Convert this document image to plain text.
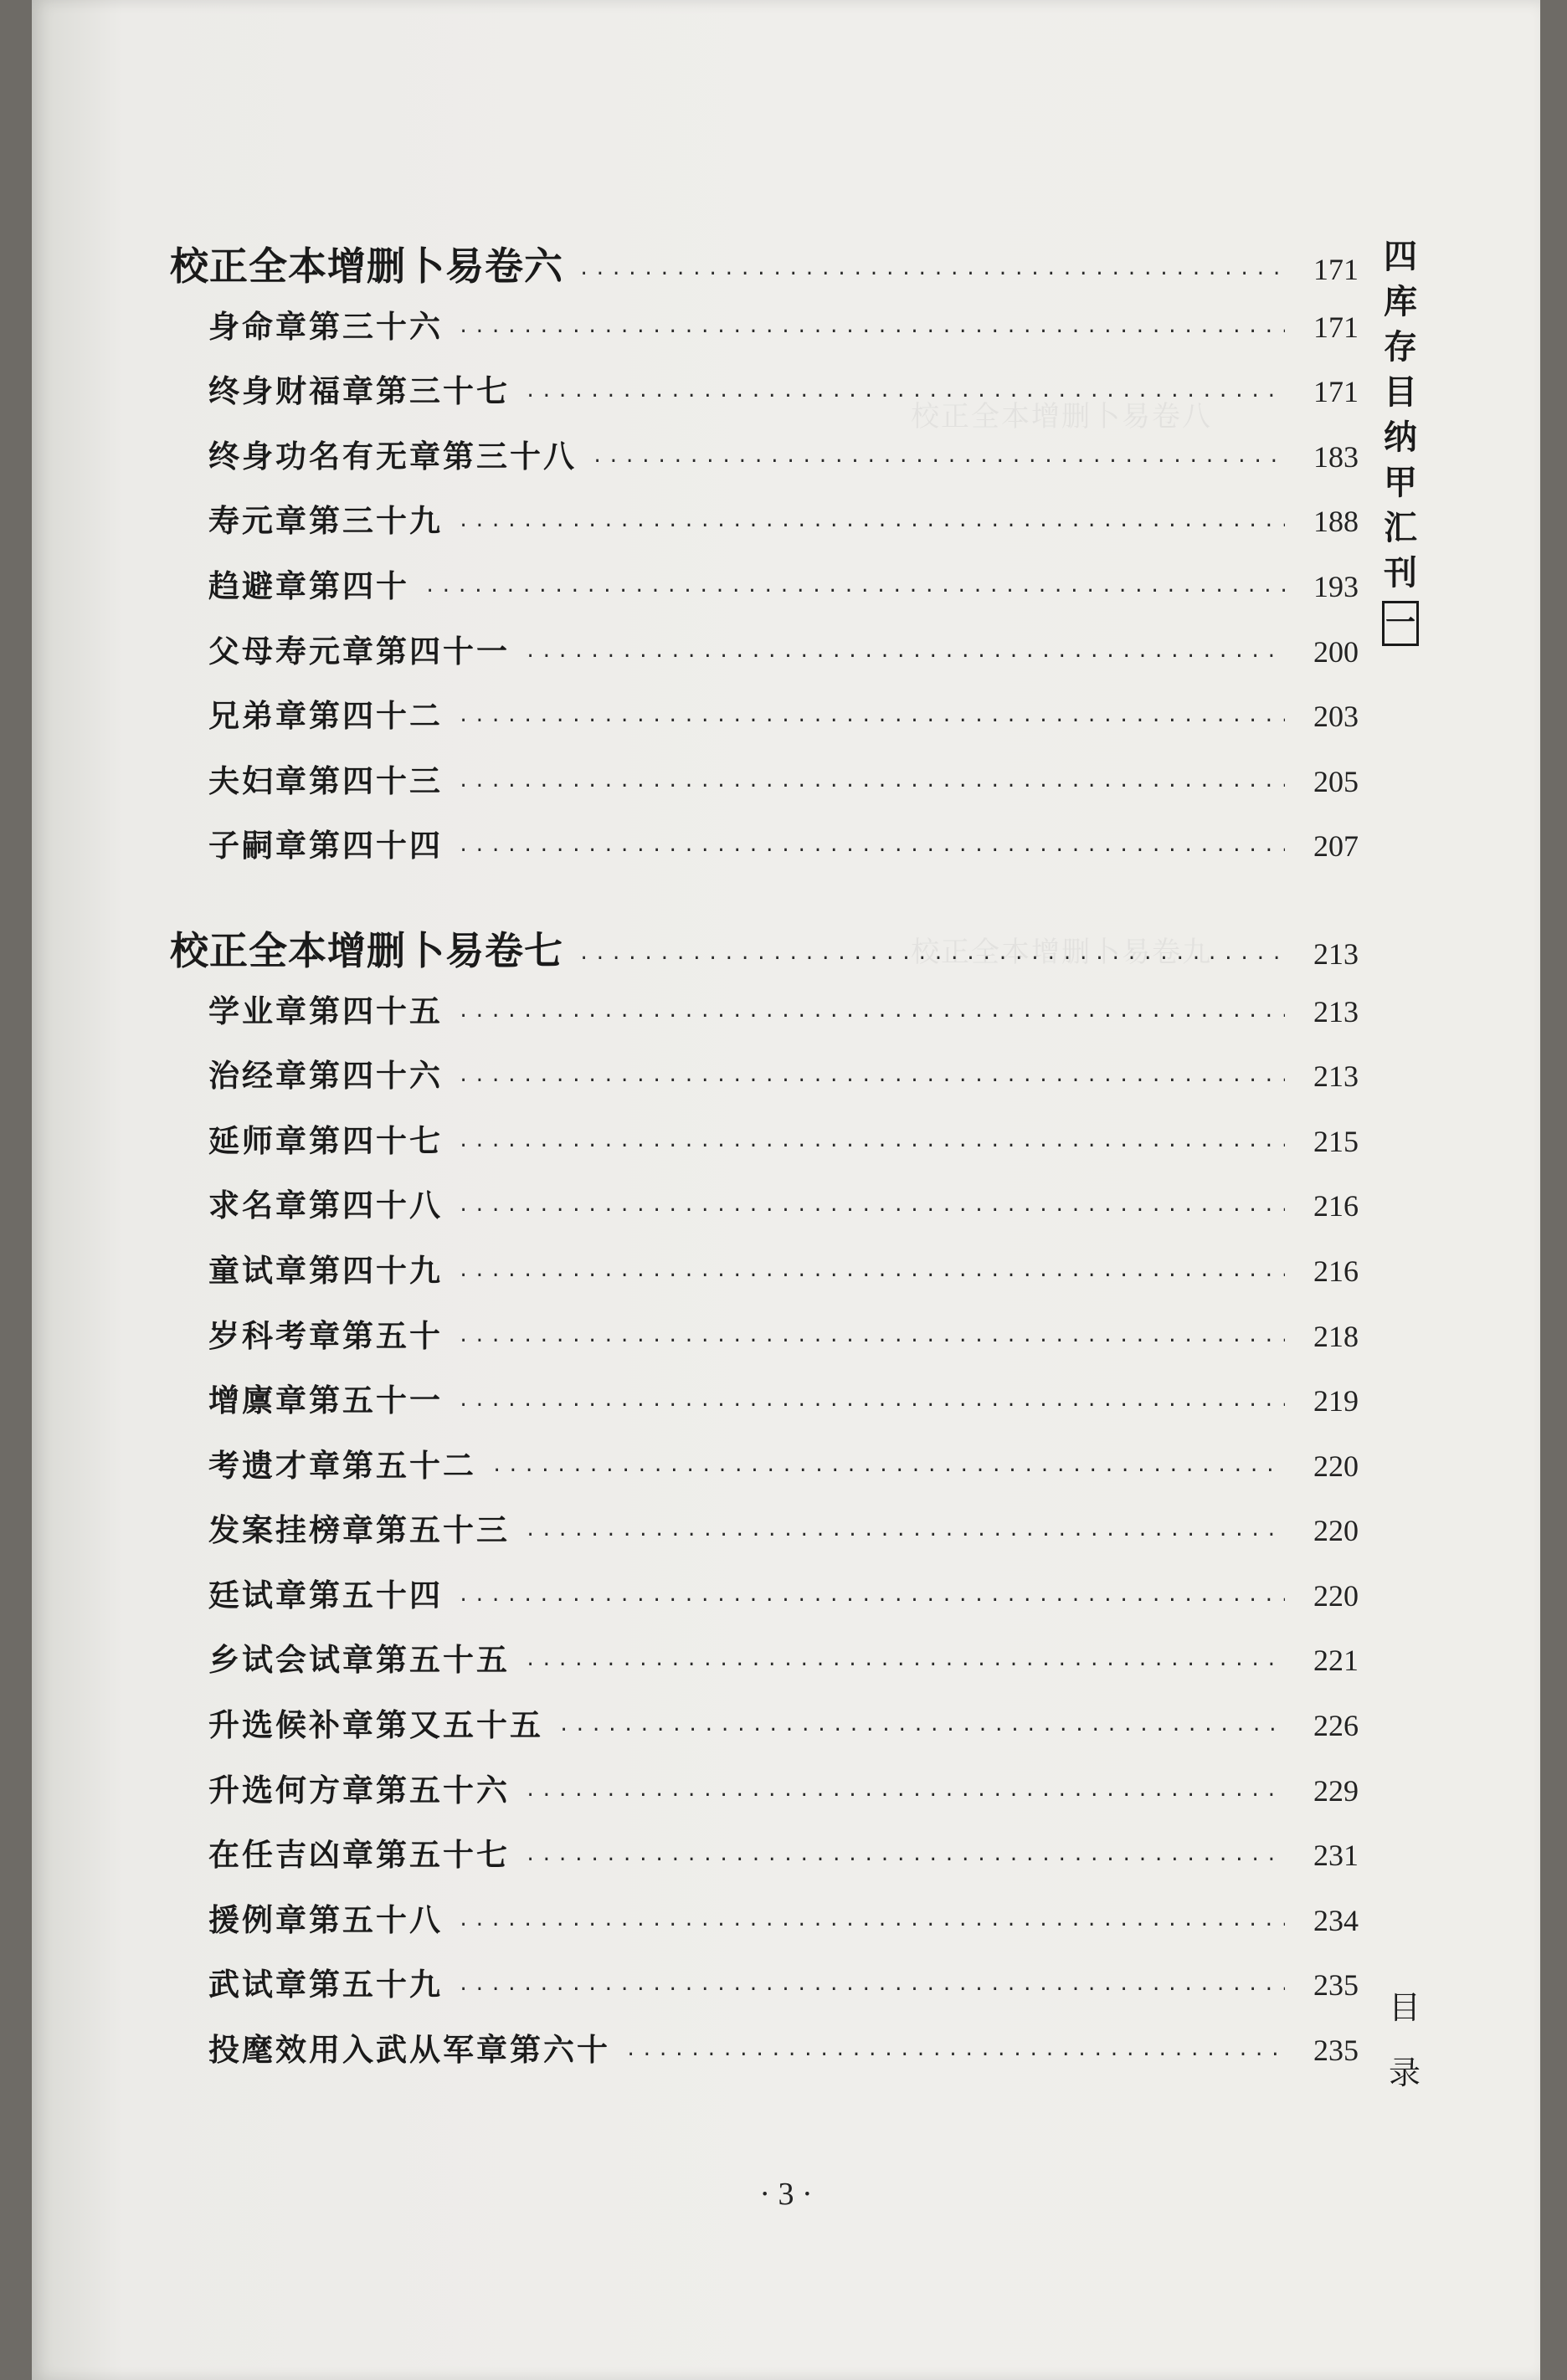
校正全本增删卜易卷八
校正全本增删卜易卷九
校正全本增删卜易卷六 ·····	171
身命章第三十六 ·····	171
终身财福章第三十七 ·····	171
终身功名有无章第三十八 ·····	183
寿元章第三十九 ·····	188
趋避章第四十 ·····	193
父母寿元章第四十一 ·····	200
兄弟章第四十二 ·····	203
夫妇章第四十三 ·····	205
子嗣章第四十四 ·····	207
校正全本增删卜易卷七 ·····	213
学业章第四十五 ·····	213
治经章第四十六 ·····	213
延师章第四十七 ·····	215
求名章第四十八 ·····	216
童试章第四十九 ·····	216
岁科考章第五十 ·····	218
增廪章第五十一 ·····	219
考遗才章第五十二 ·····	220
发案挂榜章第五十三 ·····	220
廷试章第五十四 ·····	220
乡试会试章第五十五 ·····	221
升选候补章第又五十五 ·····	226
升选何方章第五十六 ·····	229
在任吉凶章第五十七 ·····	231
援例章第五十八 ·····	234
武试章第五十九 ·····	235
投麾效用入武从军章第六十 ·····	235
四
库
存
目
纳
甲
汇
刊
一
目
录
· 3 ·
